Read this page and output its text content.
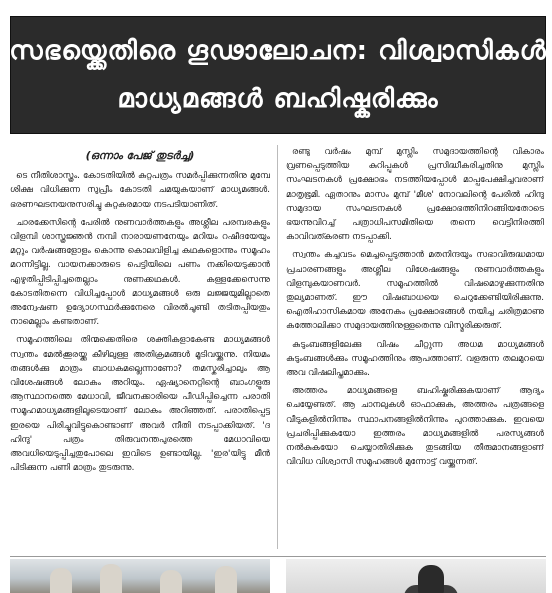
സഭയ്ക്കെതിരെ ഗൂഢാലോചന: വിശ്വാസികൾ
മാധ്യമങ്ങൾ ബഹിഷ്കരിക്കും
(ഒന്നാം പേജ് തുടർച്ച)

ടെ നീതിശാസ്ത്രം. കോടതിയിൽ കുറ്റപത്രം സമർപ്പിക്കുന്നതിനു മുമ്പേ ശിക്ഷ വിധിക്കുന്ന സുപ്രീം കോടതി ചമയുകയാണ് മാധ്യമങ്ങൾ. ഭരണഘടനയനുസരിച്ചു കുറ്റകരമായ നടപടിയാണിത്.

ചാരക്കേസിന്റെ പേരിൽ നുണവാർത്തകളും അശ്ലീല പരമ്പരകളും വിളമ്പി ശാസ്ത്രജ്ഞൻ നമ്പി നാരായണനേയും മറിയം റഷീദയേയും മറ്റും വർഷങ്ങളോളം കൊന്നു കൊലവിളിച്ച കഥകളൊന്നും സമൂഹം മറന്നിട്ടില്ല. വായനക്കാരുടെ പെട്ടിയിലെ പണം നക്കിയെടുക്കാൻ എഴുതിപ്പിടിപ്പിച്ചതെല്ലാം നുണക്കഥകൾ. കള്ളക്കേസെന്നു കോടതിതന്നെ വിധിച്ചപ്പോൾ മാധ്യമങ്ങൾ ഒരു ലജ്ജയുമില്ലാതെ അന്വേഷണ ഉദ്യോഗസ്ഥർക്കുനേരെ വിരൽചൂണ്ടി തടിതപ്പിയതും നാമെല്ലാം കണ്ടതാണ്.

സമൂഹത്തിലെ തിന്മക്കെതിരെ ശക്തികളാകേണ്ട മാധ്യമങ്ങൾ സ്വന്തം മേൽക്കൂരയ്ക്കു കീഴിലുള്ള അതിക്രമങ്ങൾ മൂടിവയ്ക്കുന്നു. നിയമം തങ്ങൾക്കു മാത്രം ബാധകമല്ലെന്നാണോ? തമസ്കരിച്ചാലും ആ വിശേഷങ്ങൾ ലോകം അറിയും. ഏഷ്യാനെറ്റിന്റെ ബാംഗളൂരു ആസ്ഥാനത്തെ മേധാവി, ജീവനക്കാരിയെ പീഡിപ്പിച്ചെന്ന പരാതി സമൂഹമാധ്യമങ്ങളിലൂടെയാണ് ലോകം അറിഞ്ഞത്. പരാതിപ്പെട്ട ഇരയെ പിരിച്ചുവിട്ടുകൊണ്ടാണ് അവർ നീതി നടപ്പാക്കിയത്. 'ദ ഹിന്ദു' പത്രം തിരുവനന്തപുരത്തെ മേധാവിയെ അവധിയെടുപ്പിച്ചതുപോലെ ഇവിടെ ഉണ്ടായില്ല. 'ഇര'യിട്ടു മീൻ പിടിക്കുന്ന പണി മാത്രം തുടരുന്നു.

രണ്ടു വർഷം മുമ്പ് മുസ്ലിം സമുദായത്തിന്റെ വികാരം വ്രണപ്പെടുത്തിയ കുറിപ്പുകൾ പ്രസിദ്ധീകരിച്ചതിനു മുസ്ലിം സംഘടനകൾ പ്രക്ഷോഭം നടത്തിയപ്പോൾ മാപ്പപേക്ഷിച്ചവരാണ് മാതൃഭൂമി. ഏതാനും മാസം മുമ്പ് 'മീശ' നോവലിന്റെ പേരിൽ ഹിന്ദു സമുദായ സംഘടനകൾ പ്രക്ഷോഭത്തിനിറങ്ങിയതോടെ ഭയന്നുവിറച്ച് പത്രാധിപസമിതിയെ തന്നെ വെട്ടിനിരത്തി കാവിവത്കരണ നടപ്പാക്കി.

സ്വന്തം കച്ചവടം മെച്ചപ്പെടുത്താൻ മതനിന്ദയും സഭാവിരുദ്ധമായ പ്രചാരണങ്ങളും അശ്ലീല വിശേഷങ്ങളും നുണവാർത്തകളും വിളമ്പുകയാണവർ. സമൂഹത്തിൽ വിഷമൊഴുക്കുന്നതിനു തുല്യമാണത്. ഈ വിഷബാധയെ ചെറുക്കേണ്ടിയിരിക്കുന്നു. ഐതിഹാസികമായ അനേകം പ്രക്ഷോഭങ്ങൾ നയിച്ച ചരിത്രമാണു കത്തോലിക്കാ സമുദായത്തിനുള്ളതെന്നു വിസ്മരിക്കരുത്.

കുടുംബങ്ങളിലേക്കു വിഷം ചീറ്റുന്ന അധമ മാധ്യമങ്ങൾ കുടുംബങ്ങൾക്കും സമൂഹത്തിനും ആപത്താണ്. വളരുന്ന തലമുറയെ അവ വിഷലിപ്തമാക്കും.

അത്തരം മാധ്യമങ്ങളെ ബഹിഷ്കരിക്കുകയാണ് ആദ്യം ചെയ്യേണ്ടത്. ആ ചാനലുകൾ ഓഫാക്കുക, അത്തരം പത്രങ്ങളെ വീടുകളിൽനിന്നും സ്ഥാപനങ്ങളിൽനിന്നും പുറത്താക്കുക. ഇവയെ പ്രചരിപ്പിക്കുകയോ ഇത്തരം മാധ്യമങ്ങളിൽ പരസ്യങ്ങൾ നൽകുകയോ ചെയ്യാതിരിക്കുക തുടങ്ങിയ തീരുമാനങ്ങളാണ് വിവിധ വിശ്വാസി സമൂഹങ്ങൾ മുന്നോട്ട് വയ്ക്കുന്നത്.
